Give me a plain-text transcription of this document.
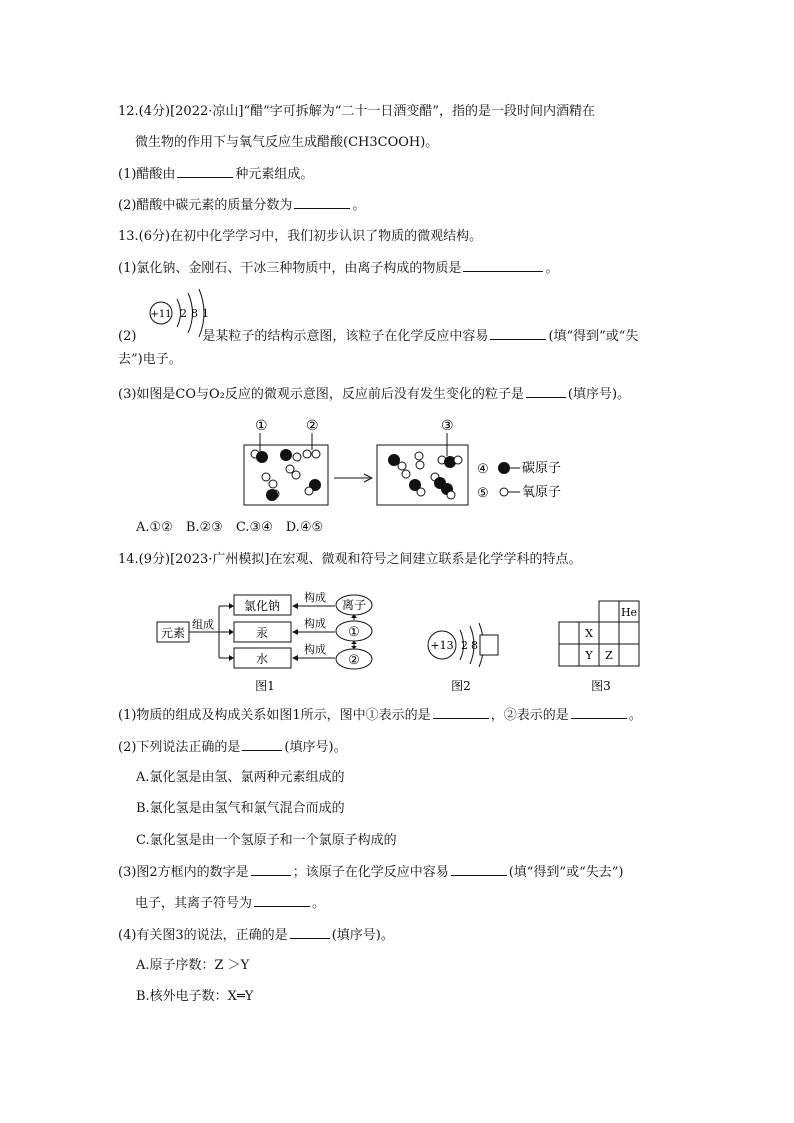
12.(4分)[2022·凉山]“醋”字可拆解为“二十一日酒变醋”，指的是一段时间内酒精在
微生物的作用下与氧气反应生成醋酸(CH3COOH)。
(1)醋酸由	种元素组成。
(2)醋酸中碳元素的质量分数为	。
13.(6分)在初中化学学习中，我们初步认识了物质的微观结构。
(1)氯化钠、金刚石、干冰三种物质中，由离子构成的物质是	。
+11 2 8 1
(2)	是某粒子的结构示意图，该粒子在化学反应中容易	(填“得到”或“失
去”)电子。
(3)如图是CO与O₂反应的微观示意图，反应前后没有发生变化的粒子是	(填序号)。
①	②	③
④	碳原子
⑤	氧原子
A.①②　B.②③　C.③④　D.④⑤
14.(9分)[2023·广州模拟]在宏观、微观和符号之间建立联系是化学学科的特点。
元素
组成
氯化钠
汞
水
构成
构成
构成
离子
①
②
图1
+13 2 8
图2
He
X
Y Z
图3
(1)物质的组成及构成关系如图1所示，图中①表示的是	，②表示的是	。
(2)下列说法正确的是	(填序号)。
A.氯化氢是由氢、氯两种元素组成的
B.氯化氢是由氢气和氯气混合而成的
C.氯化氢是由一个氢原子和一个氯原子构成的
(3)图2方框内的数字是	；该原子在化学反应中容易	(填“得到”或“失去”)
电子，其离子符号为	。
(4)有关图3的说法，正确的是	(填序号)。
A.原子序数：Z ＞Y
B.核外电子数：X═Y
